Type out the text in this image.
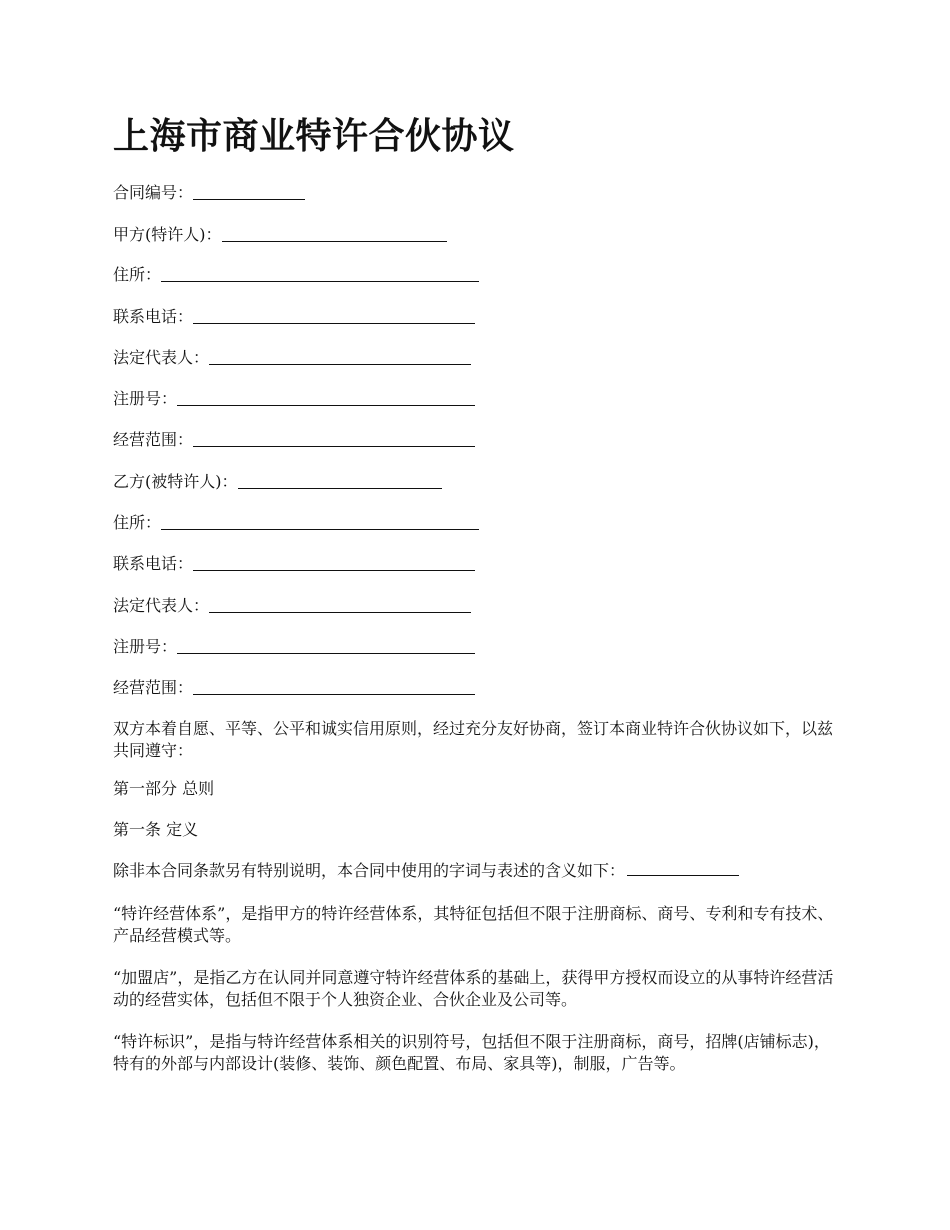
上海市商业特许合伙协议
合同编号：
甲方(特许人)：
住所：
联系电话：
法定代表人：
注册号：
经营范围：
乙方(被特许人)：
住所：
联系电话：
法定代表人：
注册号：
经营范围：

双方本着自愿、平等、公平和诚实信用原则，经过充分友好协商，签订本商业特许合伙协议如下，以兹共同遵守：

第一部分 总则

第一条 定义

除非本合同条款另有特别说明，本合同中使用的字词与表述的含义如下：

“特许经营体系”，是指甲方的特许经营体系，其特征包括但不限于注册商标、商号、专利和专有技术、产品经营模式等。

“加盟店”，是指乙方在认同并同意遵守特许经营体系的基础上，获得甲方授权而设立的从事特许经营活动的经营实体，包括但不限于个人独资企业、合伙企业及公司等。

“特许标识”，是指与特许经营体系相关的识别符号，包括但不限于注册商标，商号，招牌(店铺标志)，特有的外部与内部设计(装修、装饰、颜色配置、布局、家具等)，制服，广告等。
